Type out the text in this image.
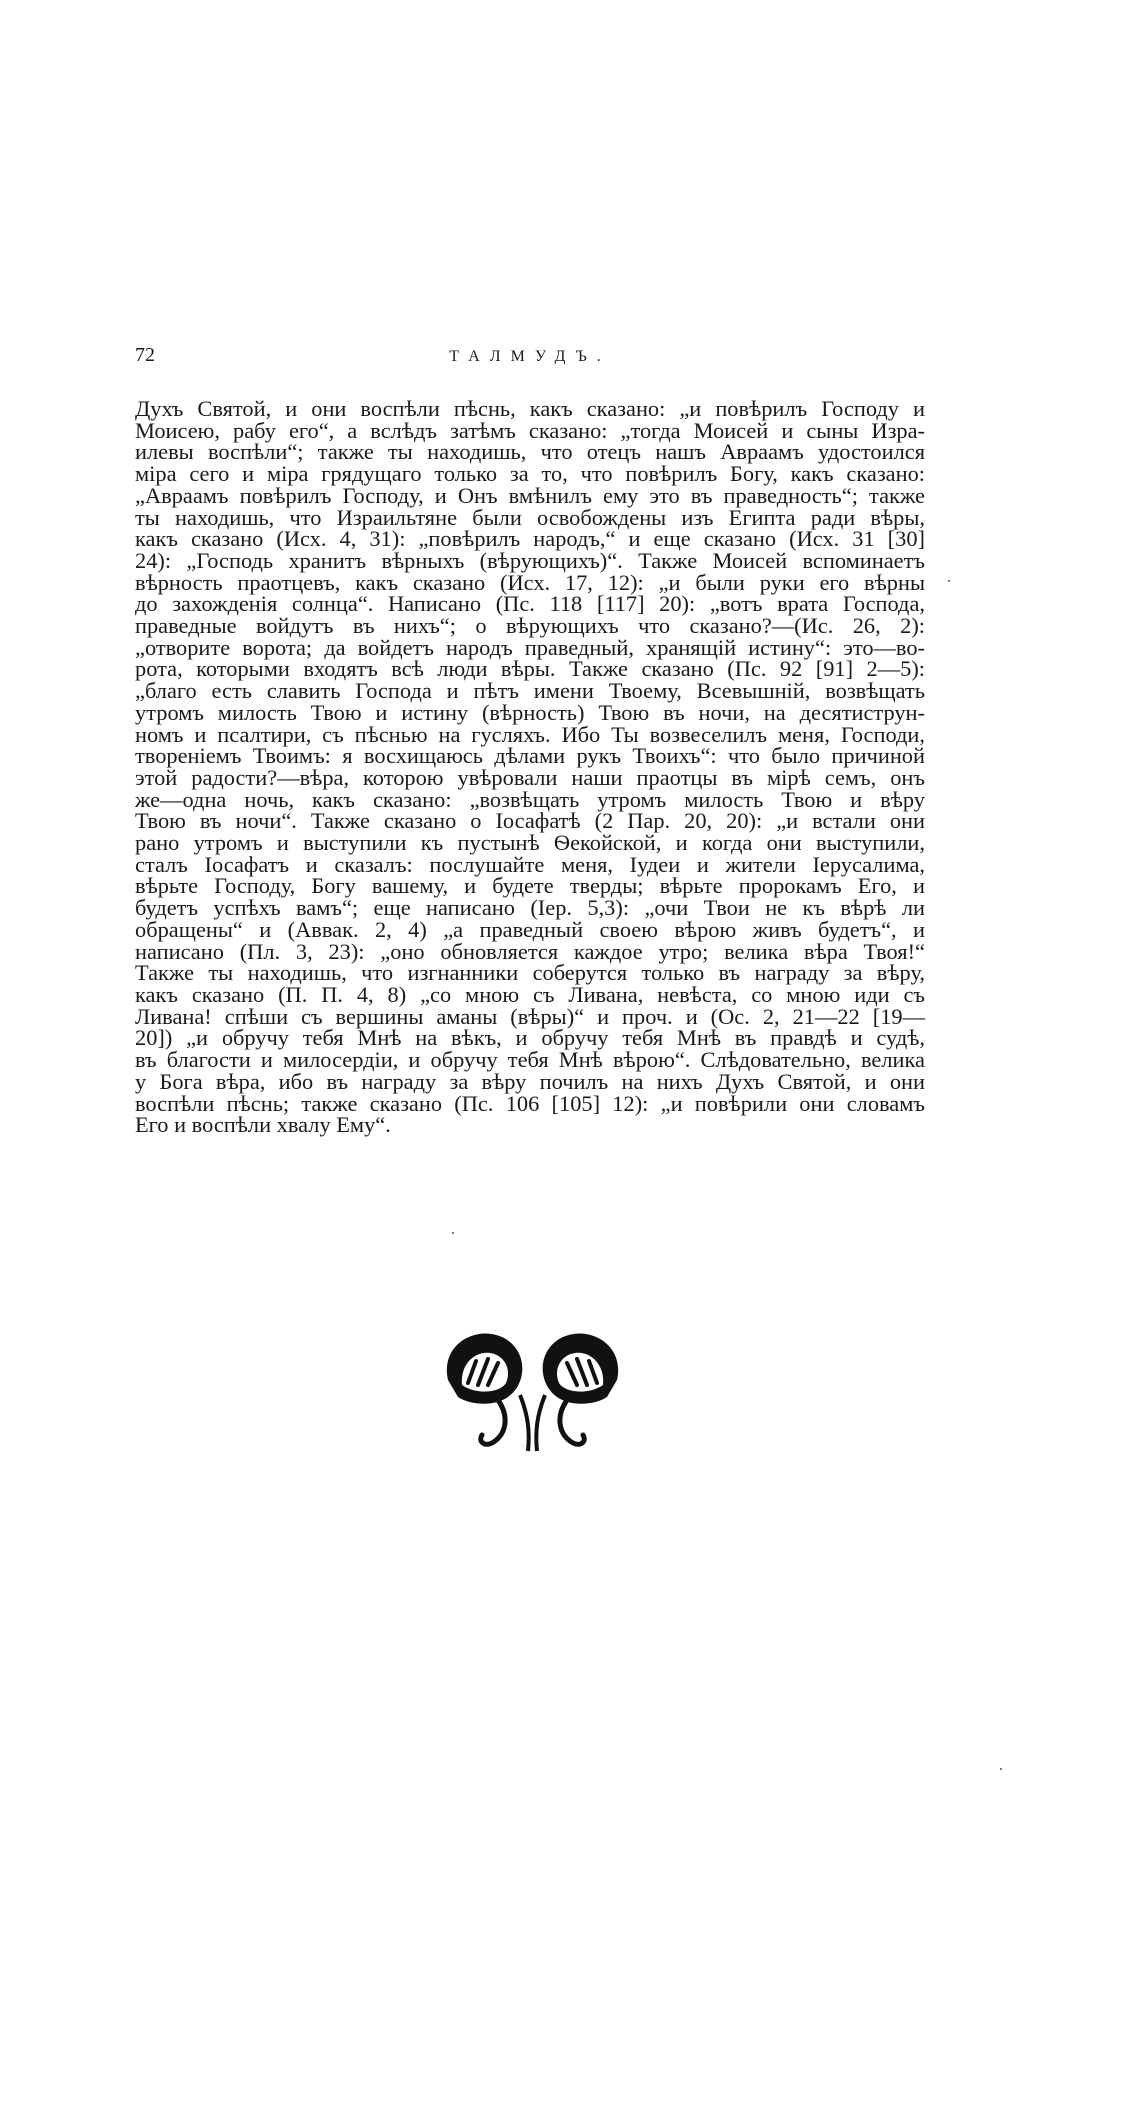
72	ТАЛМУДЪ.
Духъ Святой, и они воспѣли пѣснь, какъ сказано: „и повѣрилъ Господу и
Моисею, рабу его“, а вслѣдъ затѣмъ сказано: „тогда Моисей и сыны Изра-
илевы воспѣли“; также ты находишь, что отецъ нашъ Авраамъ удостоился
міра сего и міра грядущаго только за то, что повѣрилъ Богу, какъ сказано:
„Авраамъ повѣрилъ Господу, и Онъ вмѣнилъ ему это въ праведность“; также
ты находишь, что Израильтяне были освобождены изъ Египта ради вѣры,
какъ сказано (Исх. 4, 31): „повѣрилъ народъ,“ и еще сказано (Исх. 31 [30]
24): „Господь хранитъ вѣрныхъ (вѣрующихъ)“. Также Моисей вспоминаетъ
вѣрность праотцевъ, какъ сказано (Исх. 17, 12): „и были руки его вѣрны
до захожденія солнца“. Написано (Пс. 118 [117] 20): „вотъ врата Господа,
праведные войдутъ въ нихъ“; о вѣрующихъ что сказано?—(Ис. 26, 2):
„отворите ворота; да войдетъ народъ праведный, хранящій истину“: это—во-
рота, которыми входятъ всѣ люди вѣры. Также сказано (Пс. 92 [91] 2—5):
„благо есть славить Господа и пѣтъ имени Твоему, Всевышній, возвѣщать
утромъ милость Твою и истину (вѣрность) Твою въ ночи, на десятиструн-
номъ и псалтири, съ пѣснью на гусляхъ. Ибо Ты возвеселилъ меня, Господи,
твореніемъ Твоимъ: я восхищаюсь дѣлами рукъ Твоихъ“: что было причиной
этой радости?—вѣра, которою увѣровали наши праотцы въ мірѣ семъ, онъ
же—одна ночь, какъ сказано: „возвѣщать утромъ милость Твою и вѣру
Твою въ ночи“. Также сказано о Іосафатѣ (2 Пар. 20, 20): „и встали они
рано утромъ и выступили къ пустынѣ Ѳекойской, и когда они выступили,
сталъ Іосафатъ и сказалъ: послушайте меня, Іудеи и жители Іерусалима,
вѣрьте Господу, Богу вашему, и будете тверды; вѣрьте пророкамъ Его, и
будетъ успѣхъ вамъ“; еще написано (Іер. 5,3): „очи Твои не къ вѣрѣ ли
обращены“ и (Аввак. 2, 4) „а праведный своею вѣрою живъ будетъ“, и
написано (Пл. 3, 23): „оно обновляется каждое утро; велика вѣра Твоя!“
Также ты находишь, что изгнанники соберутся только въ награду за вѣру,
какъ сказано (П. П. 4, 8) „со мною съ Ливана, невѣста, со мною иди съ
Ливана! спѣши съ вершины аманы (вѣры)“ и проч. и (Ос. 2, 21—22 [19—
20]) „и обручу тебя Мнѣ на вѣкъ, и обручу тебя Мнѣ въ правдѣ и судѣ,
въ благости и милосердіи, и обручу тебя Мнѣ вѣрою“. Слѣдовательно, велика
у Бога вѣра, ибо въ награду за вѣру почилъ на нихъ Духъ Святой, и они
воспѣли пѣснь; также сказано (Пс. 106 [105] 12): „и повѣрили они словамъ
Его и воспѣли хвалу Ему“.
